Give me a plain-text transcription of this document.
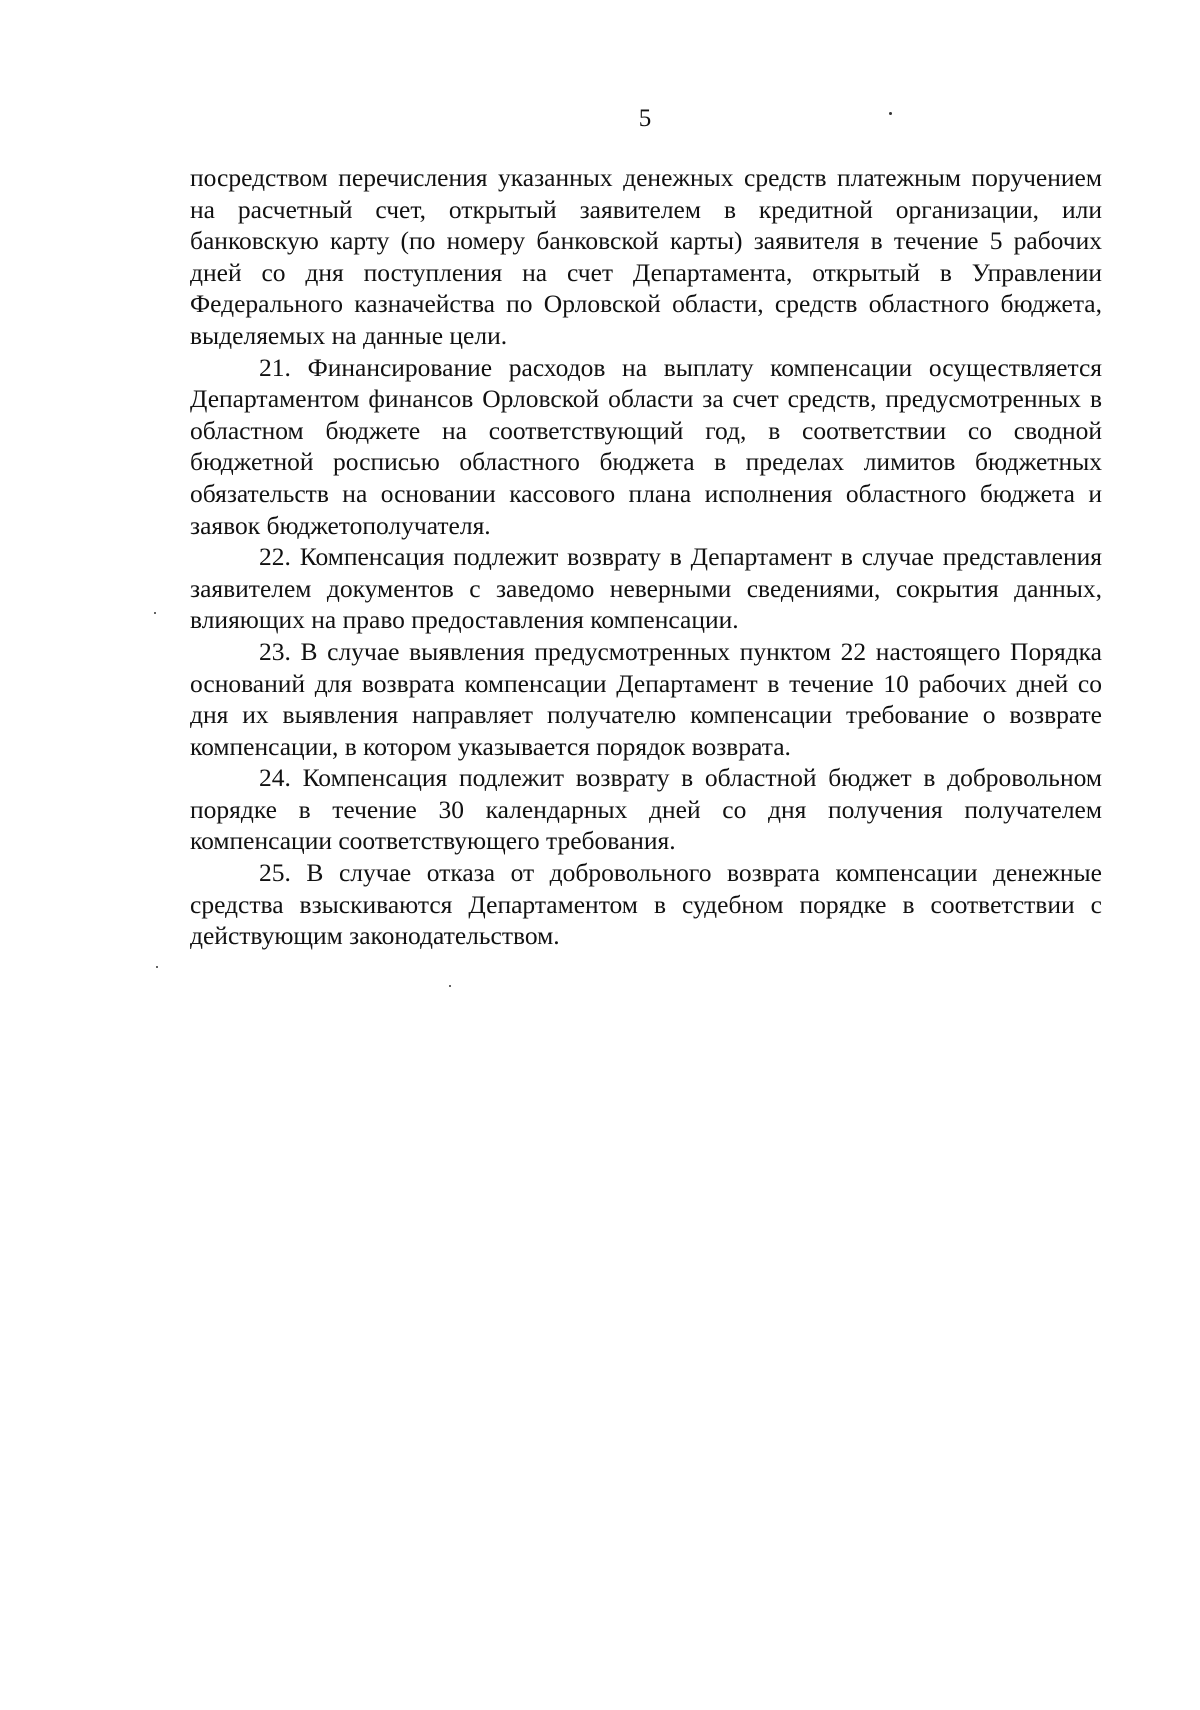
5

посредством перечисления указанных денежных средств платежным поручением на расчетный счет, открытый заявителем в кредитной организации, или банковскую карту (по номеру банковской карты) заявителя в течение 5 рабочих дней со дня поступления на счет Департамента, открытый в Управлении Федерального казначейства по Орловской области, средств областного бюджета, выделяемых на данные цели.

21. Финансирование расходов на выплату компенсации осуществляется Департаментом финансов Орловской области за счет средств, предусмотренных в областном бюджете на соответствующий год, в соответствии со сводной бюджетной росписью областного бюджета в пределах лимитов бюджетных обязательств на основании кассового плана исполнения областного бюджета и заявок бюджетополучателя.

22. Компенсация подлежит возврату в Департамент в случае представления заявителем документов с заведомо неверными сведениями, сокрытия данных, влияющих на право предоставления компенсации.

23. В случае выявления предусмотренных пунктом 22 настоящего Порядка оснований для возврата компенсации Департамент в течение 10 рабочих дней со дня их выявления направляет получателю компенсации требование о возврате компенсации, в котором указывается порядок возврата.

24. Компенсация подлежит возврату в областной бюджет в добровольном порядке в течение 30 календарных дней со дня получения получателем компенсации соответствующего требования.

25. В случае отказа от добровольного возврата компенсации денежные средства взыскиваются Департаментом в судебном порядке в соответствии с действующим законодательством.
